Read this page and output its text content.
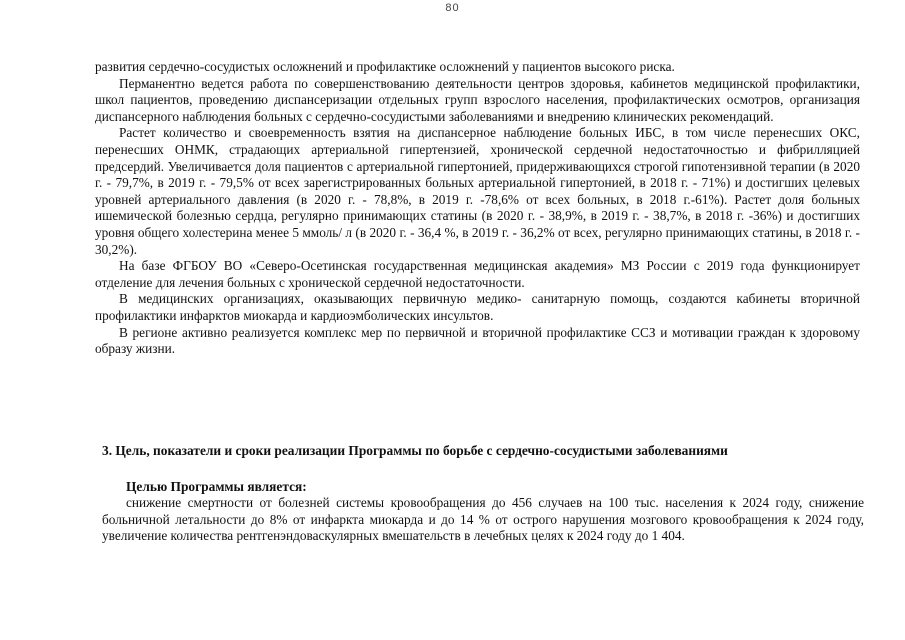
80

развития сердечно-сосудистых осложнений и профилактике осложнений у пациентов высокого риска.

Перманентно ведется работа по совершенствованию деятельности центров здоровья, кабинетов медицинской профилактики, школ пациентов, проведению диспансеризации отдельных групп взрослого населения, профилактических осмотров, организация диспансерного наблюдения больных с сердечно-сосудистыми заболеваниями и внедрению клинических рекомендаций.

Растет количество и своевременность взятия на диспансерное наблюдение больных ИБС, в том числе перенесших ОКС, перенесших ОНМК, страдающих артериальной гипертензией, хронической сердечной недостаточностью и фибрилляцией предсердий. Увеличивается доля пациентов с артериальной гипертонией, придерживающихся строгой гипотензивной терапии (в 2020 г. - 79,7%, в 2019 г. - 79,5% от всех зарегистрированных больных артериальной гипертонией, в 2018 г. - 71%) и достигших целевых уровней артериального давления (в 2020 г. - 78,8%, в 2019 г. -78,6% от всех больных, в 2018 г.-61%). Растет доля больных ишемической болезнью сердца, регулярно принимающих статины (в 2020 г. - 38,9%, в 2019 г. - 38,7%, в 2018 г. -36%) и достигших уровня общего холестерина менее 5 ммоль/ л (в 2020 г. - 36,4 %, в 2019 г. - 36,2% от всех, регулярно принимающих статины, в 2018 г. - 30,2%).

На базе ФГБОУ ВО «Северо-Осетинская государственная медицинская академия» МЗ России с 2019 года функционирует отделение для лечения больных с хронической сердечной недостаточности.

В медицинских организациях, оказывающих первичную медико- санитарную помощь, создаются кабинеты вторичной профилактики инфарктов миокарда и кардиоэмболических инсультов.

В регионе активно реализуется комплекс мер по первичной и вторичной профилактике ССЗ и мотивации граждан к здоровому образу жизни.

3. Цель, показатели и сроки реализации Программы по борьбе с сердечно-сосудистыми заболеваниями

Целью Программы является:

снижение смертности от болезней системы кровообращения до 456 случаев на 100 тыс. населения к 2024 году, снижение больничной летальности до 8% от инфаркта миокарда и до 14 % от острого нарушения мозгового кровообращения к 2024 году, увеличение количества рентгенэндоваскулярных вмешательств в лечебных целях к 2024 году до 1 404.
